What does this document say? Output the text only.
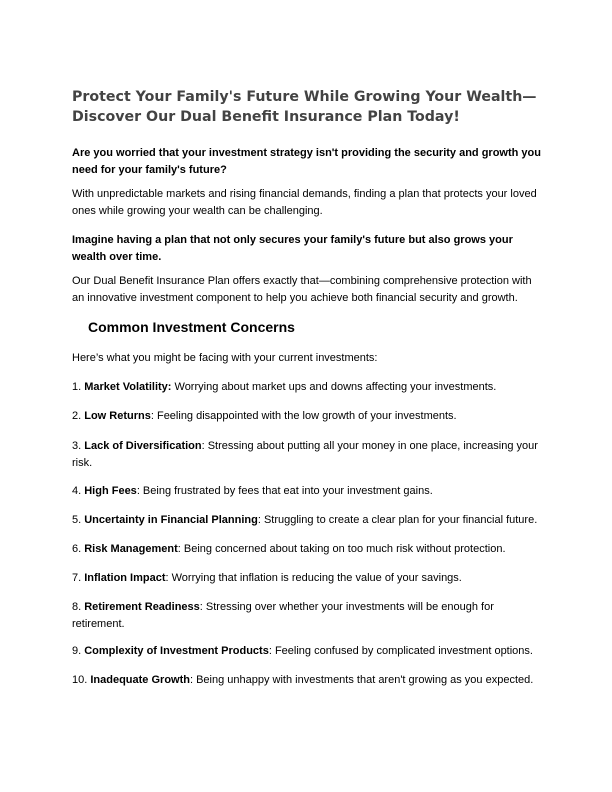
Protect Your Family's Future While Growing Your Wealth—Discover Our Dual Benefit Insurance Plan Today!
Are you worried that your investment strategy isn't providing the security and growth you need for your family's future?
With unpredictable markets and rising financial demands, finding a plan that protects your loved ones while growing your wealth can be challenging.
Imagine having a plan that not only secures your family's future but also grows your wealth over time.
Our Dual Benefit Insurance Plan offers exactly that—combining comprehensive protection with an innovative investment component to help you achieve both financial security and growth.
Common Investment Concerns
Here’s what you might be facing with your current investments:
1. Market Volatility: Worrying about market ups and downs affecting your investments.
2. Low Returns: Feeling disappointed with the low growth of your investments.
3. Lack of Diversification: Stressing about putting all your money in one place, increasing your risk.
4. High Fees: Being frustrated by fees that eat into your investment gains.
5. Uncertainty in Financial Planning: Struggling to create a clear plan for your financial future.
6. Risk Management: Being concerned about taking on too much risk without protection.
7. Inflation Impact: Worrying that inflation is reducing the value of your savings.
8. Retirement Readiness: Stressing over whether your investments will be enough for retirement.
9. Complexity of Investment Products: Feeling confused by complicated investment options.
10. Inadequate Growth: Being unhappy with investments that aren't growing as you expected.
